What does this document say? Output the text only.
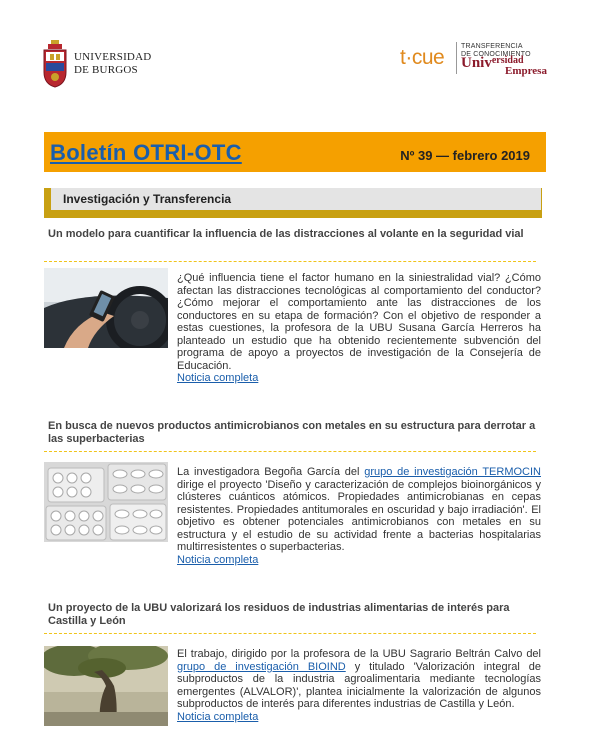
UNIVERSIDAD
DE BURGOS
t·cue TRANSFERENCIA
DE CONOCIMIENTO
Univ$^{ersidad}$
Empresa
Boletín OTRI-OTC	Nº 39 — febrero 2019
Investigación y Transferencia
Un modelo para cuantificar la influencia de las distracciones al volante en la seguridad vial
¿Qué influencia tiene el factor humano en la siniestralidad vial? ¿Cómo afectan las distracciones tecnológicas al comportamiento del conductor? ¿Cómo mejorar el comportamiento ante las distracciones de los conductores en su etapa de formación? Con el objetivo de responder a estas cuestiones, la profesora de la UBU Susana García Herreros ha planteado un estudio que ha obtenido recientemente subvención del programa de apoyo a proyectos de investigación de la Consejería de Educación.
Noticia completa
En busca de nuevos productos antimicrobianos con metales en su estructura para derrotar a las superbacterias
La investigadora Begoña García del grupo de investigación TERMOCIN dirige el proyecto 'Diseño y caracterización de complejos bioinorgánicos y clústeres cuánticos atómicos. Propiedades antimicrobianas en cepas resistentes. Propiedades antitumorales en oscuridad y bajo irradiación'. El objetivo es obtener potenciales antimicrobianos con metales en su estructura y el estudio de su actividad frente a bacterias hospitalarias multirresistentes o superbacterias.
Noticia completa
Un proyecto de la UBU valorizará los residuos de industrias alimentarias de interés para Castilla y León
El trabajo, dirigido por la profesora de la UBU Sagrario Beltrán Calvo del grupo de investigación BIOIND y titulado 'Valorización integral de subproductos de la industria agroalimentaria mediante tecnologías emergentes (ALVALOR)', plantea inicialmente la valorización de algunos subproductos de interés para diferentes industrias de Castilla y León.
Noticia completa
